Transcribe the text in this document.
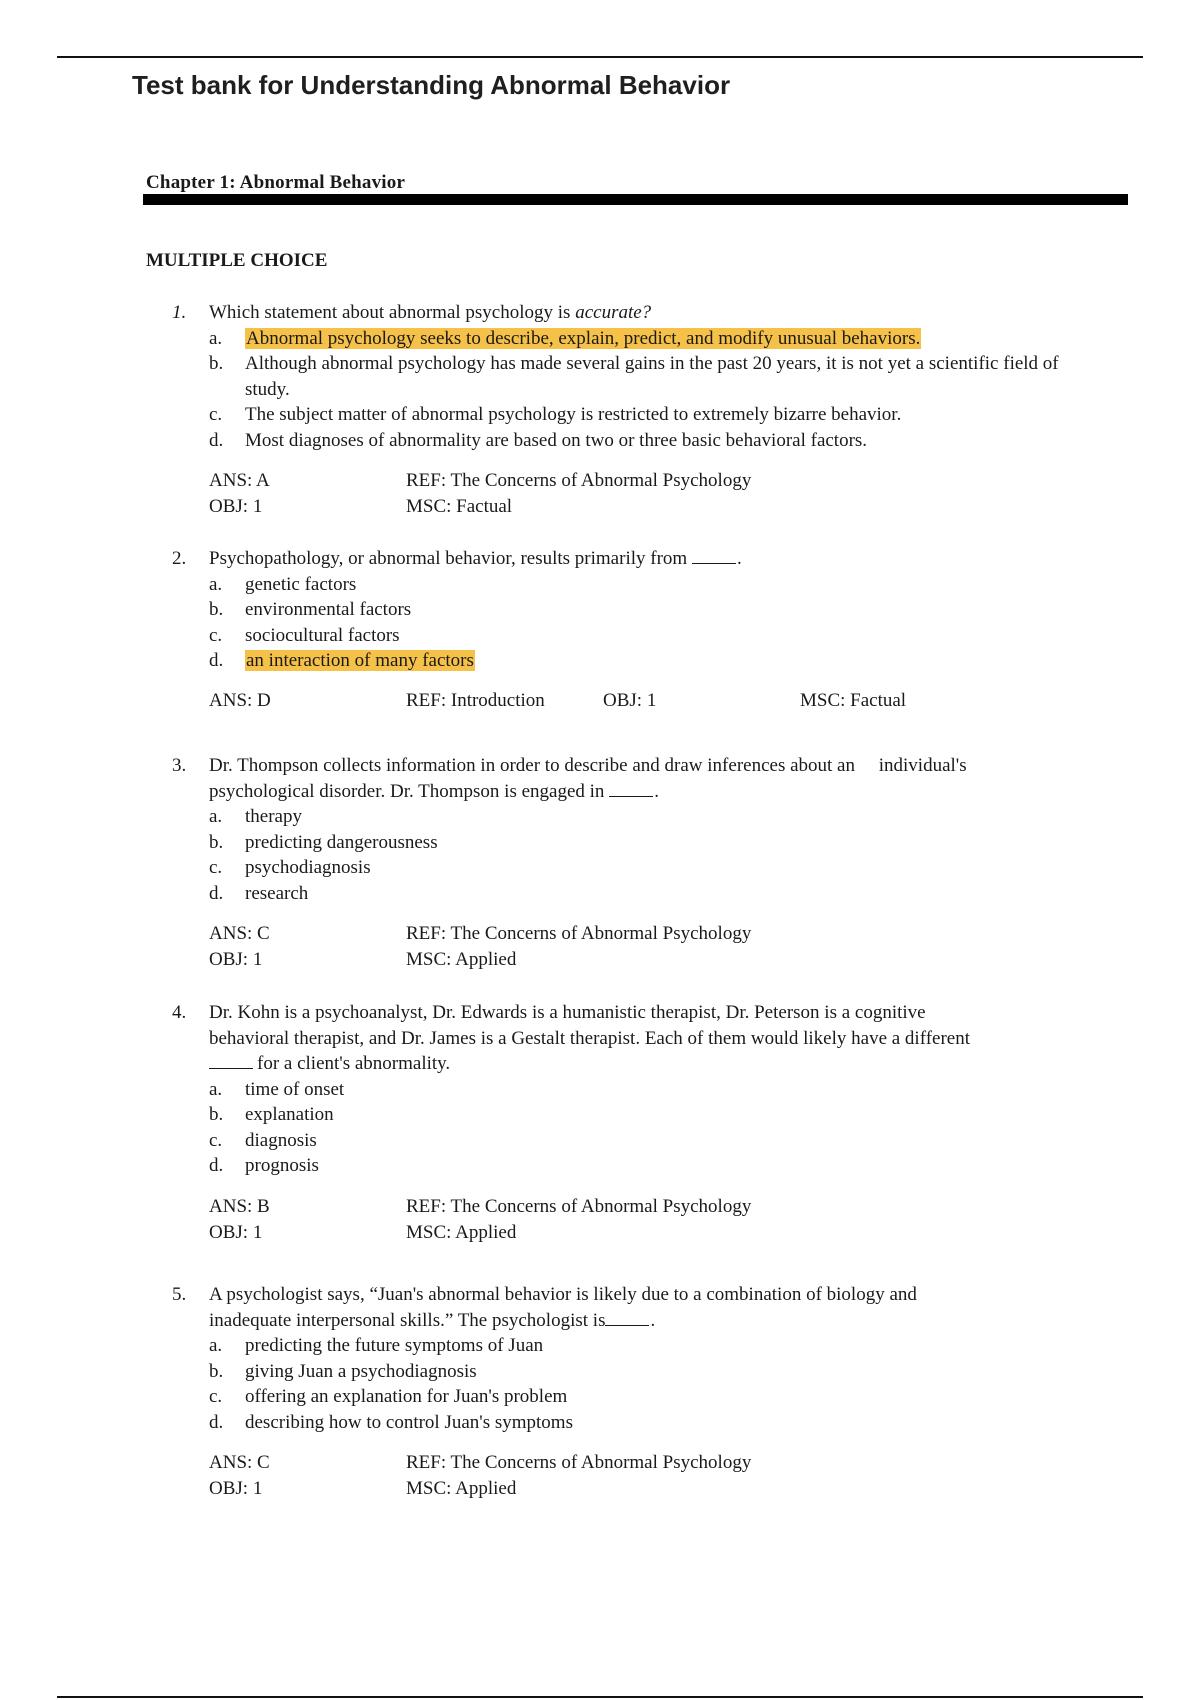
Test bank for Understanding Abnormal Behavior
Chapter 1: Abnormal Behavior
MULTIPLE CHOICE
1. Which statement about abnormal psychology is accurate?
a. Abnormal psychology seeks to describe, explain, predict, and modify unusual behaviors.
b. Although abnormal psychology has made several gains in the past 20 years, it is not yet a scientific field of study.
c. The subject matter of abnormal psychology is restricted to extremely bizarre behavior.
d. Most diagnoses of abnormality are based on two or three basic behavioral factors.
ANS: A	REF: The Concerns of Abnormal Psychology
OBJ: 1	MSC: Factual
2. Psychopathology, or abnormal behavior, results primarily from .
a. genetic factors
b. environmental factors
c. sociocultural factors
d. an interaction of many factors
ANS: D	REF: Introduction	OBJ: 1	MSC: Factual
3. Dr. Thompson collects information in order to describe and draw inferences about an     individual's
psychological disorder. Dr. Thompson is engaged in .
a. therapy
b. predicting dangerousness
c. psychodiagnosis
d. research
ANS: C	REF: The Concerns of Abnormal Psychology
OBJ: 1	MSC: Applied
4. Dr. Kohn is a psychoanalyst, Dr. Edwards is a humanistic therapist, Dr. Peterson is a cognitive
behavioral therapist, and Dr. James is a Gestalt therapist. Each of them would likely have a different
for a client's abnormality.
a. time of onset
b. explanation
c. diagnosis
d. prognosis
ANS: B	REF: The Concerns of Abnormal Psychology
OBJ: 1	MSC: Applied
5. A psychologist says, “Juan's abnormal behavior is likely due to a combination of biology and
inadequate interpersonal skills.” The psychologist is .
a. predicting the future symptoms of Juan
b. giving Juan a psychodiagnosis
c. offering an explanation for Juan's problem
d. describing how to control Juan's symptoms
ANS: C	REF: The Concerns of Abnormal Psychology
OBJ: 1	MSC: Applied
